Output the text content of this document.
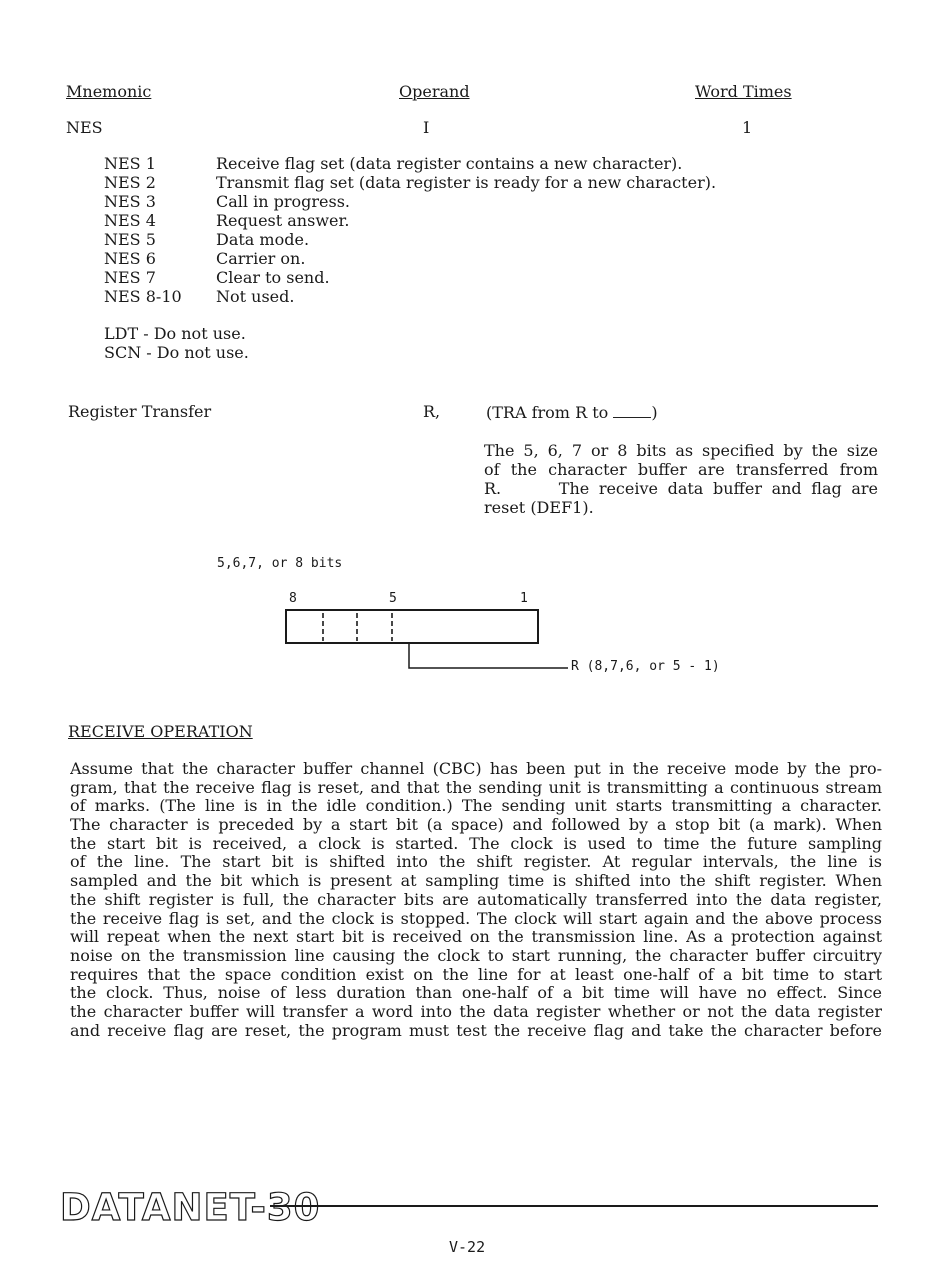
Mnemonic	Operand	Word Times
NES	I	1
NES 1	Receive flag set (data register contains a new character).
NES 2	Transmit flag set (data register is ready for a new character).
NES 3	Call in progress.
NES 4	Request answer.
NES 5	Data mode.
NES 6	Carrier on.
NES 7	Clear to send.
NES 8-10 Not used.
LDT - Do not use.
SCN - Do not use.
Register Transfer	R,	(TRA from R to	)
The 5, 6, 7 or 8 bits as specified by the size
of the character buffer are transferred from
R.      The receive data buffer and flag are
reset (DEF1).
5,6,7, or 8 bits
8	5	1
R (8,7,6, or 5 - 1)
RECEIVE OPERATION
Assume that the character buffer channel (CBC) has been put in the receive mode by the pro-
gram, that the receive flag is reset, and that the sending unit is transmitting a continuous stream
of marks. (The line is in the idle condition.) The sending unit starts transmitting a character.
The character is preceded by a start bit (a space) and followed by a stop bit (a mark). When
the start bit is received, a clock is started. The clock is used to time the future sampling
of the line. The start bit is shifted into the shift register. At regular intervals, the line is
sampled and the bit which is present at sampling time is shifted into the shift register. When
the shift register is full, the character bits are automatically transferred into the data register,
the receive flag is set, and the clock is stopped. The clock will start again and the above process
will repeat when the next start bit is received on the transmission line. As a protection against
noise on the transmission line causing the clock to start running, the character buffer circuitry
requires that the space condition exist on the line for at least one-half of a bit time to start
the clock. Thus, noise of less duration than one-half of a bit time will have no effect. Since
the character buffer will transfer a word into the data register whether or not the data register
and receive flag are reset, the program must test the receive flag and take the character before
DATANET-30
V-22
